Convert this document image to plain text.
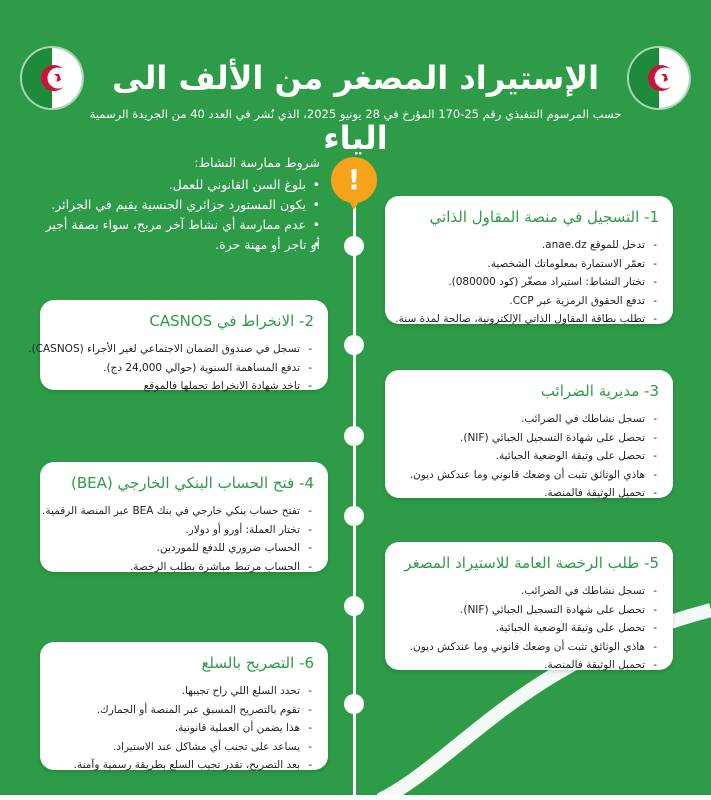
الإستيراد المصغر من الألف الى الياء
حسب المرسوم التنفيذي رقم 25-170 المؤرخ في 28 يونيو 2025، الذي نُشر في العدد 40 من الجريدة الرسمية
!
شروط ممارسة النشاط:
• بلوغ السن القانوني للعمل.
• يكون المستورد جزائري الجنسية يقيم في الجزائر.
• عدم ممارسة أي نشاط آخر مربح، سواء بصفة أجير
• أو تاجر أو مهنة حرة.
1- التسجيل في منصة المقاول الذاتي
- تدخل للموقع anae.dz.
- تعمّر الاستمارة بمعلوماتك الشخصية.
- تختار النشاط: استيراد مصغّر (كود 080000).
- تدفع الحقوق الرمزية عبر CCP.
- تطلب بطاقة المقاول الذاتي الإلكترونية، صالحة لمدة سنة.
2- الانخراط في CASNOS
- تسجل في صندوق الضمان الاجتماعي لغير الأجراء (CASNOS).
- تدفع المساهمة السنوية (حوالي 24,000 دج).
- تاخد شهادة الانخراط تحملها فالموقع	3- مديرية الضرائب
- تسجل نشاطك في الضرائب.
- تحصل على شهادة التسجيل الجبائي (NIF).
- تحصل على وثيقة الوضعية الجبائية.
- هاذي الوثائق تثبت أن وضعك قانوني وما عندكش ديون.
- تحميل الوثيقة فالمنصة.
4- فتح الحساب البنكي الخارجي (BEA)
- تفتح حساب بنكي خارجي في بنك BEA عبر المنصة الرقمية.
- تختار العملة: أورو أو دولار.
- الحساب ضروري للدفع للموردين.
- الحساب مرتبط مباشرة بطلب الرخصة.	5- طلب الرخصة العامة للاستيراد المصغر
- تسجل نشاطك في الضرائب.
- تحصل على شهادة التسجيل الجبائي (NIF).
- تحصل على وثيقة الوضعية الجبائية.
- هاذي الوثائق تثبت أن وضعك قانوني وما عندكش ديون.
- تحميل الوثيقة فالمنصة.
6- التصريح بالسلع
- تحدد السلع اللي راح تجيبها.
- تقوم بالتصريح المسبق عبر المنصة أو الجمارك.
- هذا يضمن أن العملية قانونية.
- يساعد على تجنب أي مشاكل عند الاستيراد.
- بعد التصريح، تقدر تجيب السلع بطريقة رسمية وآمنة.
